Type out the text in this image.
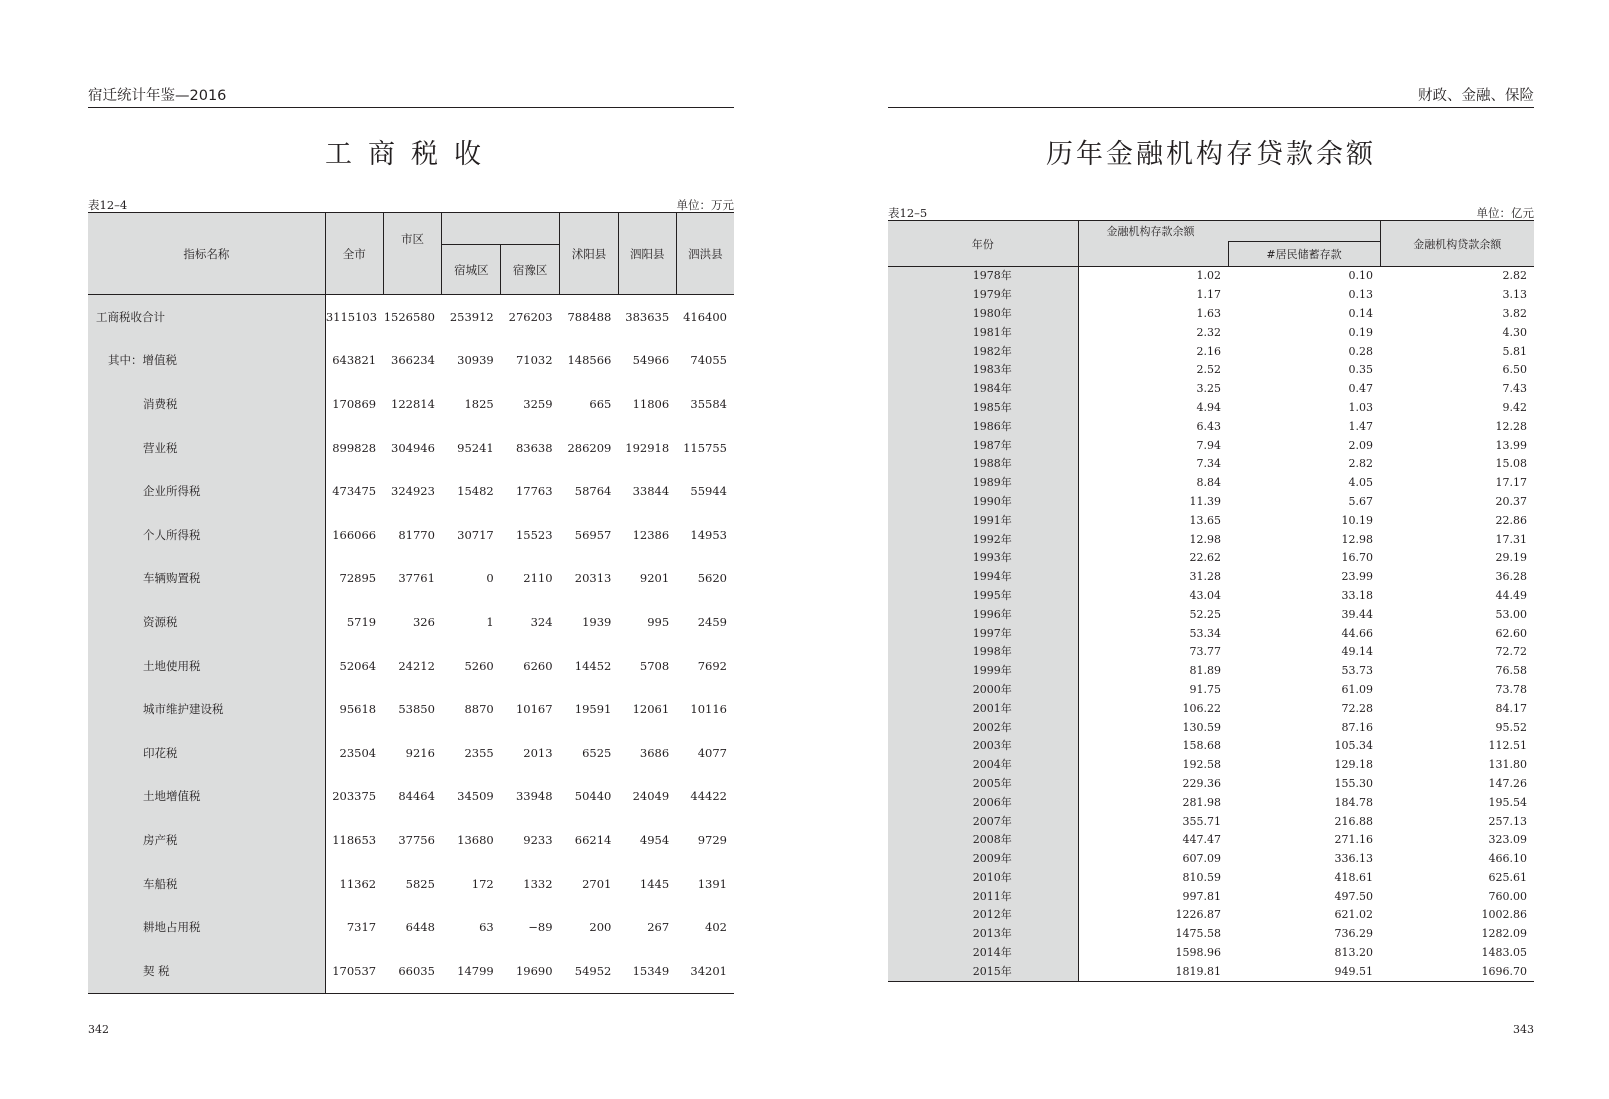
宿迁统计年鉴—2016
工商税收
表12–4	单位：万元
指标名称	全市	市区			沭阳县	泗阳县	泗洪县
			宿城区	宿豫区			
工商税收合计	3115103	1526580	253912	276203	788488	383635	416400
其中：增值税	643821	366234	30939	71032	148566	54966	74055
消费税	170869	122814	1825	3259	665	11806	35584
营业税	899828	304946	95241	83638	286209	192918	115755
企业所得税	473475	324923	15482	17763	58764	33844	55944
个人所得税	166066	81770	30717	15523	56957	12386	14953
车辆购置税	72895	37761	0	2110	20313	9201	5620
资源税	5719	326	1	324	1939	995	2459
土地使用税	52064	24212	5260	6260	14452	5708	7692
城市维护建设税	95618	53850	8870	10167	19591	12061	10116
印花税	23504	9216	2355	2013	6525	3686	4077
土地增值税	203375	84464	34509	33948	50440	24049	44422
房产税	118653	37756	13680	9233	66214	4954	9729
车船税	11362	5825	172	1332	2701	1445	1391
耕地占用税	7317	6448	63	−89	200	267	402
契 税	170537	66035	14799	19690	54952	15349	34201
342
财政、金融、保险
历年金融机构存贷款余额
表12–5	单位：亿元
年份	金融机构存款余额		金融机构贷款余额
		#居民储蓄存款	
1978年	1.02	0.10	2.82
1979年	1.17	0.13	3.13
1980年	1.63	0.14	3.82
1981年	2.32	0.19	4.30
1982年	2.16	0.28	5.81
1983年	2.52	0.35	6.50
1984年	3.25	0.47	7.43
1985年	4.94	1.03	9.42
1986年	6.43	1.47	12.28
1987年	7.94	2.09	13.99
1988年	7.34	2.82	15.08
1989年	8.84	4.05	17.17
1990年	11.39	5.67	20.37
1991年	13.65	10.19	22.86
1992年	12.98	12.98	17.31
1993年	22.62	16.70	29.19
1994年	31.28	23.99	36.28
1995年	43.04	33.18	44.49
1996年	52.25	39.44	53.00
1997年	53.34	44.66	62.60
1998年	73.77	49.14	72.72
1999年	81.89	53.73	76.58
2000年	91.75	61.09	73.78
2001年	106.22	72.28	84.17
2002年	130.59	87.16	95.52
2003年	158.68	105.34	112.51
2004年	192.58	129.18	131.80
2005年	229.36	155.30	147.26
2006年	281.98	184.78	195.54
2007年	355.71	216.88	257.13
2008年	447.47	271.16	323.09
2009年	607.09	336.13	466.10
2010年	810.59	418.61	625.61
2011年	997.81	497.50	760.00
2012年	1226.87	621.02	1002.86
2013年	1475.58	736.29	1282.09
2014年	1598.96	813.20	1483.05
2015年	1819.81	949.51	1696.70
343
